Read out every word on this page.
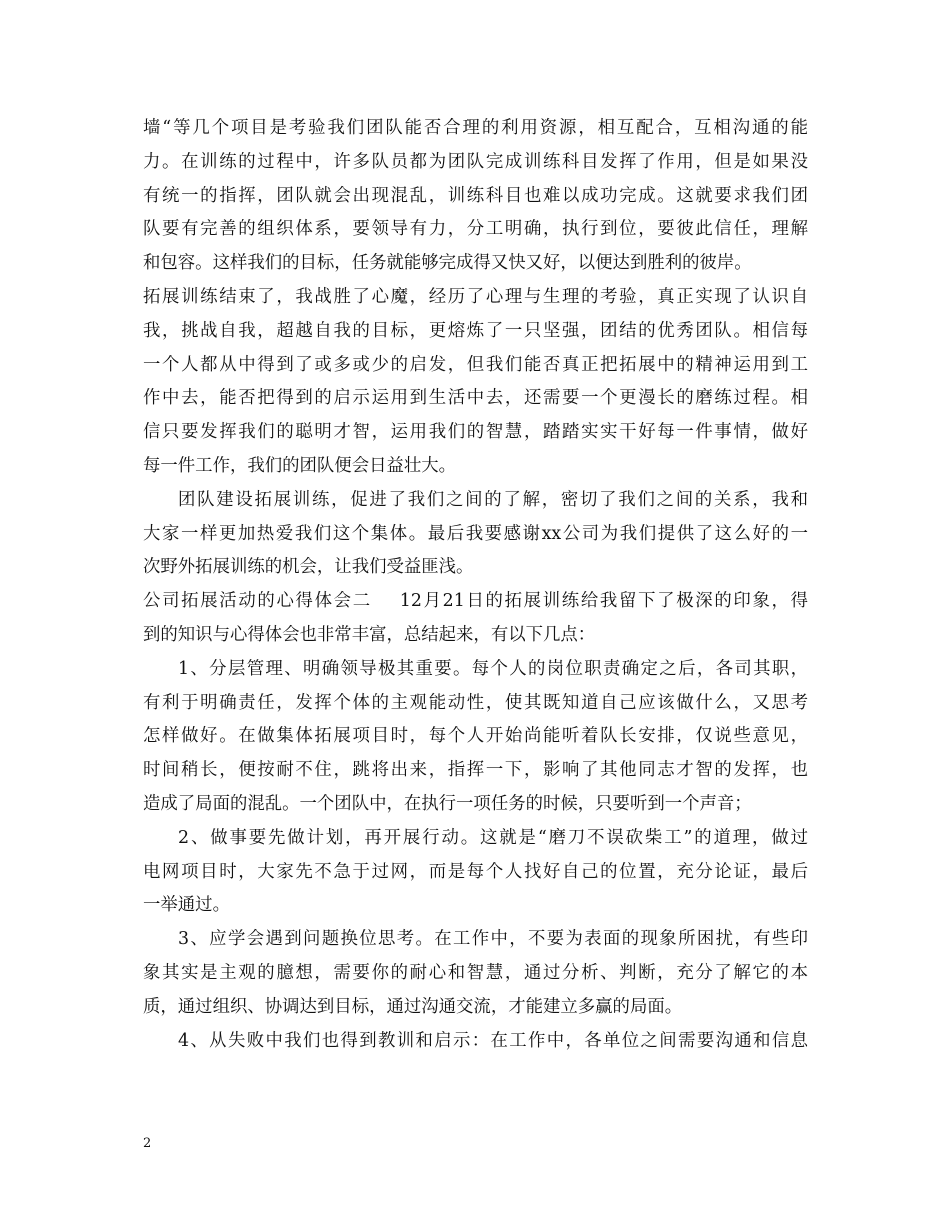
墙“等几个项目是考验我们团队能否合理的利用资源，相互配合，互相沟通的能
力。在训练的过程中，许多队员都为团队完成训练科目发挥了作用，但是如果没
有统一的指挥，团队就会出现混乱，训练科目也难以成功完成。这就要求我们团
队要有完善的组织体系，要领导有力，分工明确，执行到位，要彼此信任，理解
和包容。这样我们的目标，任务就能够完成得又快又好，以便达到胜利的彼岸。
拓展训练结束了，我战胜了心魔，经历了心理与生理的考验，真正实现了认识自
我，挑战自我，超越自我的目标，更熔炼了一只坚强，团结的优秀团队。相信每
一个人都从中得到了或多或少的启发，但我们能否真正把拓展中的精神运用到工
作中去，能否把得到的启示运用到生活中去，还需要一个更漫长的磨练过程。相
信只要发挥我们的聪明才智，运用我们的智慧，踏踏实实干好每一件事情，做好
每一件工作，我们的团队便会日益壮大。
团队建设拓展训练，促进了我们之间的了解，密切了我们之间的关系，我和
大家一样更加热爱我们这个集体。最后我要感谢xx公司为我们提供了这么好的一
次野外拓展训练的机会，让我们受益匪浅。
公司拓展活动的心得体会二 12月21日的拓展训练给我留下了极深的印象，得
到的知识与心得体会也非常丰富，总结起来，有以下几点：
1、分层管理、明确领导极其重要。每个人的岗位职责确定之后，各司其职，
有利于明确责任，发挥个体的主观能动性，使其既知道自己应该做什么，又思考
怎样做好。在做集体拓展项目时，每个人开始尚能听着队长安排，仅说些意见，
时间稍长，便按耐不住，跳将出来，指挥一下，影响了其他同志才智的发挥，也
造成了局面的混乱。一个团队中，在执行一项任务的时候，只要听到一个声音；
2、做事要先做计划，再开展行动。这就是“磨刀不误砍柴工”的道理，做过
电网项目时，大家先不急于过网，而是每个人找好自己的位置，充分论证，最后
一举通过。
3、应学会遇到问题换位思考。在工作中，不要为表面的现象所困扰，有些印
象其实是主观的臆想，需要你的耐心和智慧，通过分析、判断，充分了解它的本
质，通过组织、协调达到目标，通过沟通交流，才能建立多赢的局面。
4、从失败中我们也得到教训和启示：在工作中，各单位之间需要沟通和信息
2
